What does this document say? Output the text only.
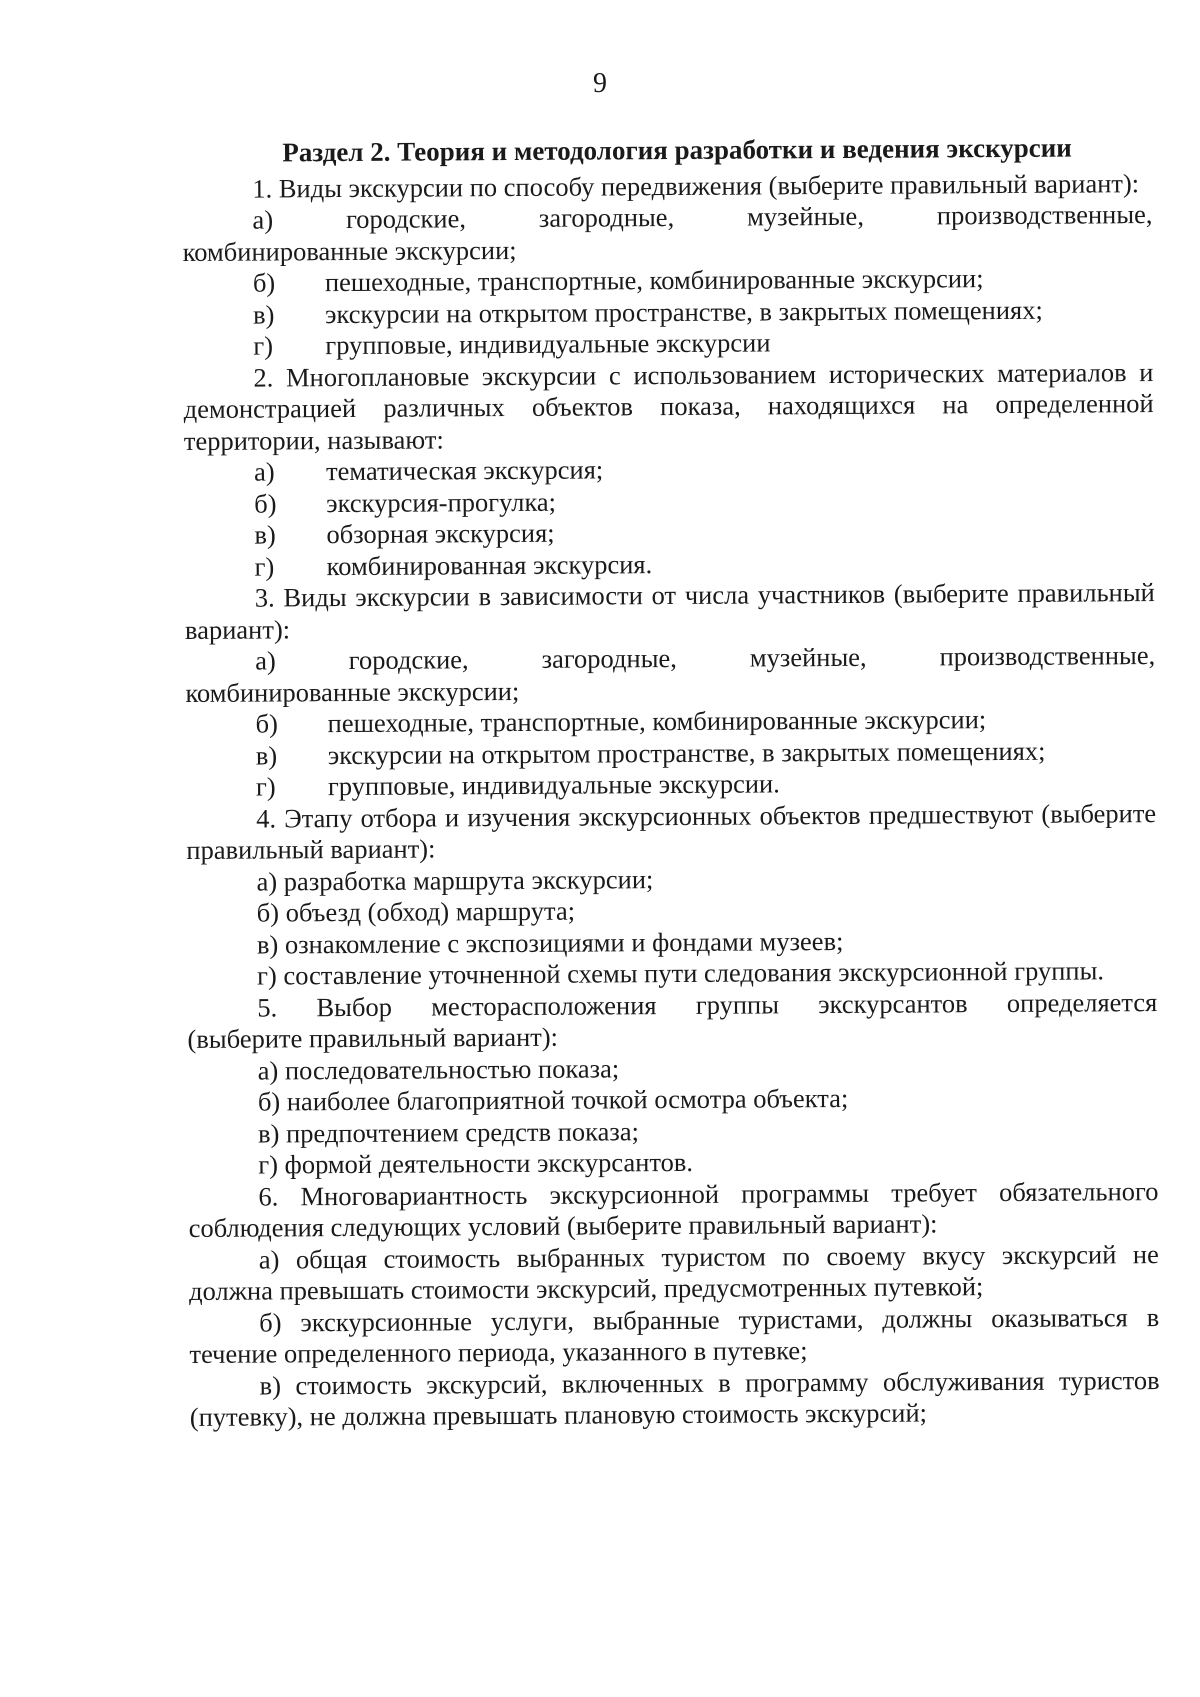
9

Раздел 2. Теория и методология разработки и ведения экскурсии

1. Виды экскурсии по способу передвижения (выберите правильный вариант):

а)	городские,	загородные,	музейные,	производственные,

комбинированные экскурсии;

б)	пешеходные, транспортные, комбинированные экскурсии;
в)	экскурсии на открытом пространстве, в закрытых помещениях;
г)	групповые, индивидуальные экскурсии

2. Многоплановые экскурсии с использованием исторических материалов и демонстрацией различных объектов показа, находящихся на определенной территории, называют:

а)	тематическая экскурсия;
б)	экскурсия-прогулка;
в)	обзорная экскурсия;
г)	комбинированная экскурсия.

3. Виды экскурсии в зависимости от числа участников (выберите правильный вариант):

а)	городские,	загородные,	музейные,	производственные,

комбинированные экскурсии;

б)	пешеходные, транспортные, комбинированные экскурсии;
в)	экскурсии на открытом пространстве, в закрытых помещениях;
г)	групповые, индивидуальные экскурсии.

4. Этапу отбора и изучения экскурсионных объектов предшествуют (выберите правильный вариант):

а) разработка маршрута экскурсии;

б) объезд (обход) маршрута;

в) ознакомление с экспозициями и фондами музеев;

г) составление уточненной схемы пути следования экскурсионной группы.

5. Выбор месторасположения группы экскурсантов определяется

(выберите правильный вариант):

а) последовательностью показа;

б) наиболее благоприятной точкой осмотра объекта;

в) предпочтением средств показа;

г) формой деятельности экскурсантов.

6. Многовариантность экскурсионной программы требует обязательного соблюдения следующих условий (выберите правильный вариант):

а) общая стоимость выбранных туристом по своему вкусу экскурсий не должна превышать стоимости экскурсий, предусмотренных путевкой;

б) экскурсионные услуги, выбранные туристами, должны оказываться в течение определенного периода, указанного в путевке;

в) стоимость экскурсий, включенных в программу обслуживания туристов (путевку), не должна превышать плановую стоимость экскурсий;
